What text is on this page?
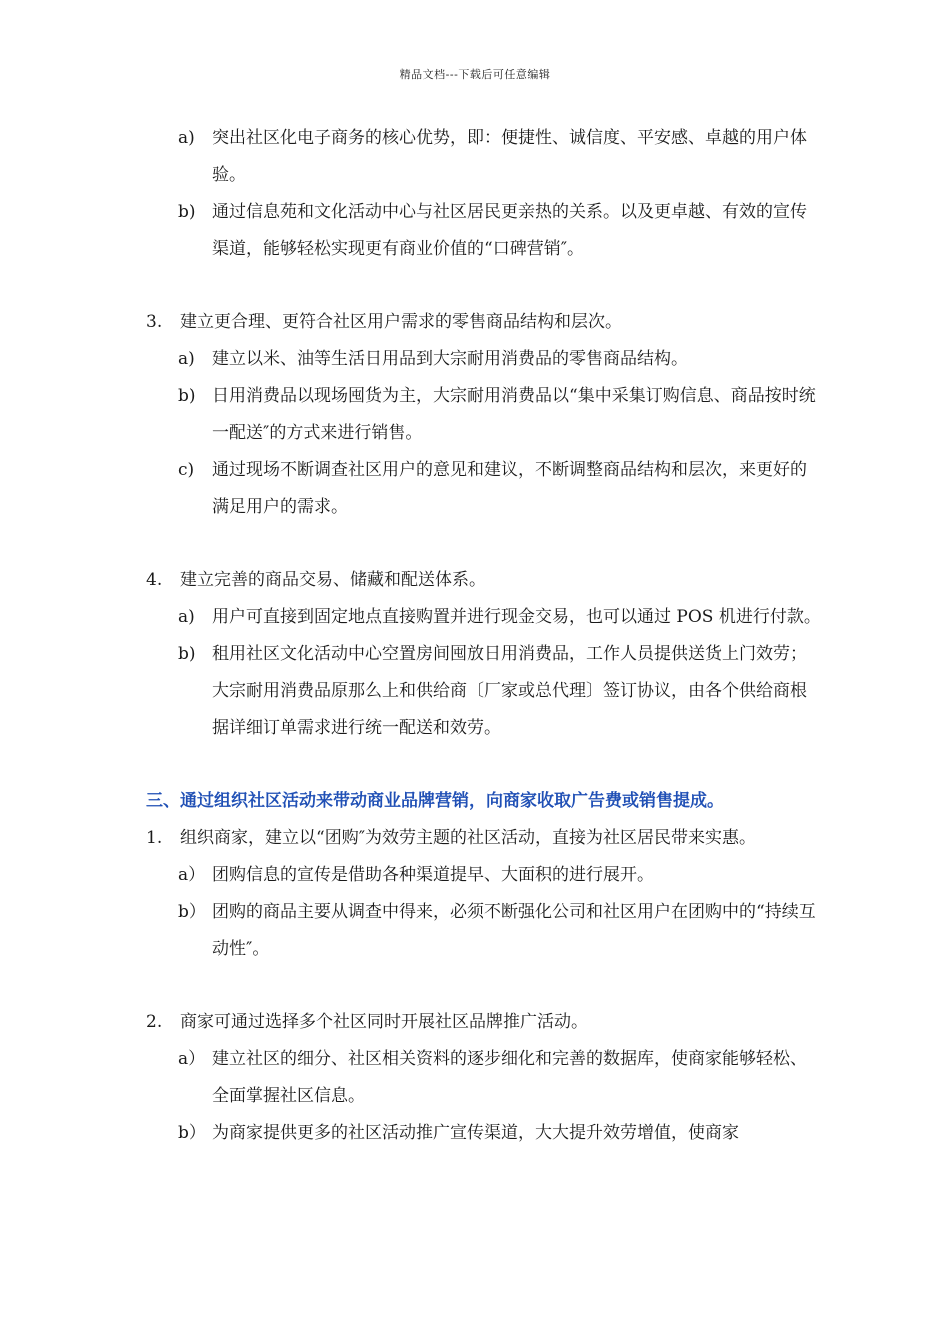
精品文档---下载后可任意编辑
a) 突出社区化电子商务的核心优势，即：便捷性、诚信度、平安感、卓越的用户体验。
b) 通过信息苑和文化活动中心与社区居民更亲热的关系。以及更卓越、有效的宣传渠道，能够轻松实现更有商业价值的“口碑营销″。
3. 建立更合理、更符合社区用户需求的零售商品结构和层次。
a) 建立以米、油等生活日用品到大宗耐用消费品的零售商品结构。
b) 日用消费品以现场囤货为主，大宗耐用消费品以“集中采集订购信息、商品按时统一配送″的方式来进行销售。
c) 通过现场不断调查社区用户的意见和建议，不断调整商品结构和层次，来更好的满足用户的需求。
4. 建立完善的商品交易、储藏和配送体系。
a) 用户可直接到固定地点直接购置并进行现金交易，也可以通过 POS 机进行付款。
b) 租用社区文化活动中心空置房间囤放日用消费品，工作人员提供送货上门效劳；大宗耐用消费品原那么上和供给商〔厂家或总代理〕签订协议，由各个供给商根据详细订单需求进行统一配送和效劳。
三、通过组织社区活动来带动商业品牌营销，向商家收取广告费或销售提成。
1. 组织商家，建立以“团购″为效劳主题的社区活动，直接为社区居民带来实惠。
a） 团购信息的宣传是借助各种渠道提早、大面积的进行展开。
b） 团购的商品主要从调查中得来，必须不断强化公司和社区用户在团购中的“持续互动性″。
2. 商家可通过选择多个社区同时开展社区品牌推广活动。
a） 建立社区的细分、社区相关资料的逐步细化和完善的数据库，使商家能够轻松、全面掌握社区信息。
b） 为商家提供更多的社区活动推广宣传渠道，大大提升效劳增值，使商家
